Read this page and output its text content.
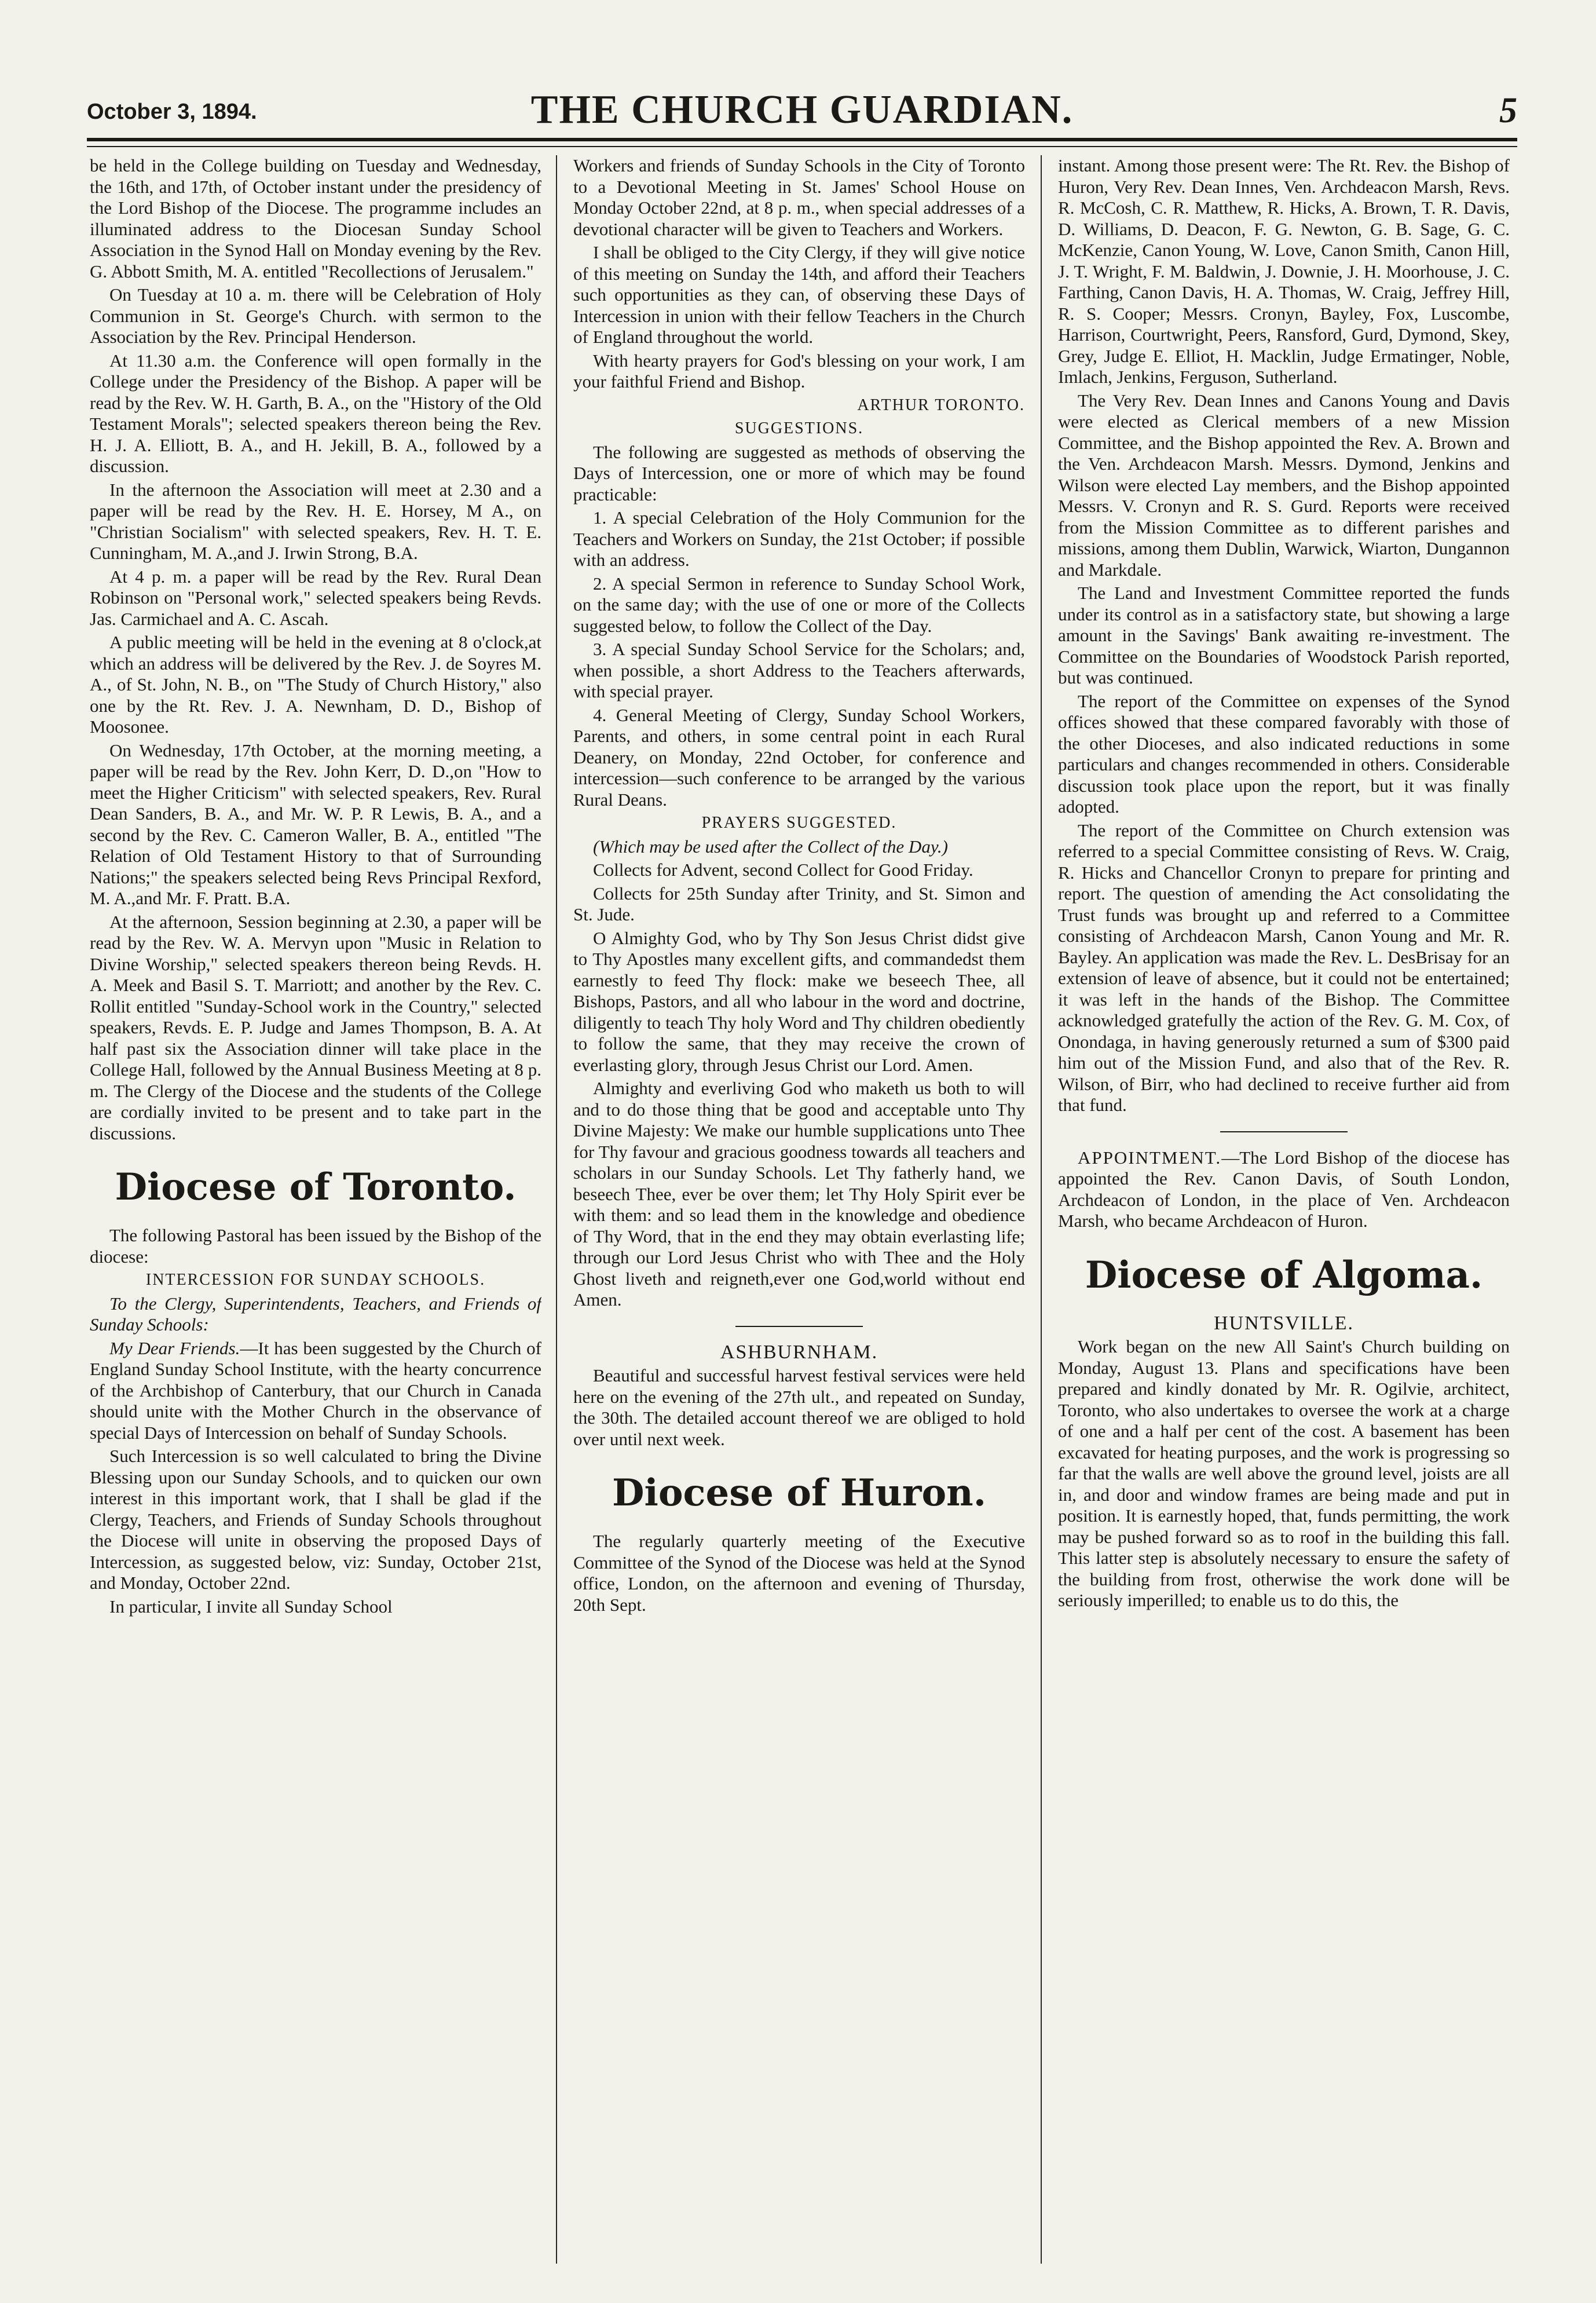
October 3, 1894.	THE CHURCH GUARDIAN.	5

be held in the College building on Tuesday and Wednesday, the 16th, and 17th, of October instant under the presidency of the Lord Bishop of the Diocese. The programme includes an illuminated address to the Diocesan Sunday School Association in the Synod Hall on Monday evening by the Rev. G. Abbott Smith, M. A. entitled "Recollections of Jerusalem."

On Tuesday at 10 a. m. there will be Celebration of Holy Communion in St. George's Church. with sermon to the Association by the Rev. Principal Henderson.

At 11.30 a.m. the Conference will open formally in the College under the Presidency of the Bishop. A paper will be read by the Rev. W. H. Garth, B. A., on the "History of the Old Testament Morals"; selected speakers thereon being the Rev. H. J. A. Elliott, B. A., and H. Jekill, B. A., followed by a discussion.

In the afternoon the Association will meet at 2.30 and a paper will be read by the Rev. H. E. Horsey, M A., on "Christian Socialism" with selected speakers, Rev. H. T. E. Cunningham, M. A.,and J. Irwin Strong, B.A.

At 4 p. m. a paper will be read by the Rev. Rural Dean Robinson on "Personal work," selected speakers being Revds. Jas. Carmichael and A. C. Ascah.

A public meeting will be held in the evening at 8 o'clock,at which an address will be delivered by the Rev. J. de Soyres M. A., of St. John, N. B., on "The Study of Church History," also one by the Rt. Rev. J. A. Newnham, D. D., Bishop of Moosonee.

On Wednesday, 17th October, at the morning meeting, a paper will be read by the Rev. John Kerr, D. D.,on "How to meet the Higher Criticism" with selected speakers, Rev. Rural Dean Sanders, B. A., and Mr. W. P. R Lewis, B. A., and a second by the Rev. C. Cameron Waller, B. A., entitled "The Relation of Old Testament History to that of Surrounding Nations;" the speakers selected being Revs Principal Rexford, M. A.,and Mr. F. Pratt. B.A.

At the afternoon, Session beginning at 2.30, a paper will be read by the Rev. W. A. Mervyn upon "Music in Relation to Divine Worship," selected speakers thereon being Revds. H. A. Meek and Basil S. T. Marriott; and another by the Rev. C. Rollit entitled "Sunday-School work in the Country," selected speakers, Revds. E. P. Judge and James Thompson, B. A. At half past six the Association dinner will take place in the College Hall, followed by the Annual Business Meeting at 8 p. m. The Clergy of the Diocese and the students of the College are cordially invited to be present and to take part in the discussions.

Diocese of Toronto.

The following Pastoral has been issued by the Bishop of the diocese:

INTERCESSION FOR SUNDAY SCHOOLS.

To the Clergy, Superintendents, Teachers, and Friends of Sunday Schools:

My Dear Friends.—It has been suggested by the Church of England Sunday School Institute, with the hearty concurrence of the Archbishop of Canterbury, that our Church in Canada should unite with the Mother Church in the observance of special Days of Intercession on behalf of Sunday Schools.

Such Intercession is so well calculated to bring the Divine Blessing upon our Sunday Schools, and to quicken our own interest in this important work, that I shall be glad if the Clergy, Teachers, and Friends of Sunday Schools throughout the Diocese will unite in observing the proposed Days of Intercession, as suggested below, viz: Sunday, October 21st, and Monday, October 22nd.

In particular, I invite all Sunday School

Workers and friends of Sunday Schools in the City of Toronto to a Devotional Meeting in St. James' School House on Monday October 22nd, at 8 p. m., when special addresses of a devotional character will be given to Teachers and Workers.

I shall be obliged to the City Clergy, if they will give notice of this meeting on Sunday the 14th, and afford their Teachers such opportunities as they can, of observing these Days of Intercession in union with their fellow Teachers in the Church of England throughout the world.

With hearty prayers for God's blessing on your work, I am your faithful Friend and Bishop.

ARTHUR TORONTO.

SUGGESTIONS.

The following are suggested as methods of observing the Days of Intercession, one or more of which may be found practicable:

1. A special Celebration of the Holy Communion for the Teachers and Workers on Sunday, the 21st October; if possible with an address.

2. A special Sermon in reference to Sunday School Work, on the same day; with the use of one or more of the Collects suggested below, to follow the Collect of the Day.

3. A special Sunday School Service for the Scholars; and, when possible, a short Address to the Teachers afterwards, with special prayer.

4. General Meeting of Clergy, Sunday School Workers, Parents, and others, in some central point in each Rural Deanery, on Monday, 22nd October, for conference and intercession—such conference to be arranged by the various Rural Deans.

PRAYERS SUGGESTED.

(Which may be used after the Collect of the Day.)

Collects for Advent, second Collect for Good Friday.

Collects for 25th Sunday after Trinity, and St. Simon and St. Jude.

O Almighty God, who by Thy Son Jesus Christ didst give to Thy Apostles many excellent gifts, and commandedst them earnestly to feed Thy flock: make we beseech Thee, all Bishops, Pastors, and all who labour in the word and doctrine, diligently to teach Thy holy Word and Thy children obediently to follow the same, that they may receive the crown of everlasting glory, through Jesus Christ our Lord. Amen.

Almighty and everliving God who maketh us both to will and to do those thing that be good and acceptable unto Thy Divine Majesty: We make our humble supplications unto Thee for Thy favour and gracious goodness towards all teachers and scholars in our Sunday Schools. Let Thy fatherly hand, we beseech Thee, ever be over them; let Thy Holy Spirit ever be with them: and so lead them in the knowledge and obedience of Thy Word, that in the end they may obtain everlasting life; through our Lord Jesus Christ who with Thee and the Holy Ghost liveth and reigneth,ever one God,world without end Amen.

ASHBURNHAM.

Beautiful and successful harvest festival services were held here on the evening of the 27th ult., and repeated on Sunday, the 30th. The detailed account thereof we are obliged to hold over until next week.

Diocese of Huron.

The regularly quarterly meeting of the Executive Committee of the Synod of the Diocese was held at the Synod office, London, on the afternoon and evening of Thursday, 20th Sept.

instant. Among those present were: The Rt. Rev. the Bishop of Huron, Very Rev. Dean Innes, Ven. Archdeacon Marsh, Revs. R. McCosh, C. R. Matthew, R. Hicks, A. Brown, T. R. Davis, D. Williams, D. Deacon, F. G. Newton, G. B. Sage, G. C. McKenzie, Canon Young, W. Love, Canon Smith, Canon Hill, J. T. Wright, F. M. Baldwin, J. Downie, J. H. Moorhouse, J. C. Farthing, Canon Davis, H. A. Thomas, W. Craig, Jeffrey Hill, R. S. Cooper; Messrs. Cronyn, Bayley, Fox, Luscombe, Harrison, Courtwright, Peers, Ransford, Gurd, Dymond, Skey, Grey, Judge E. Elliot, H. Macklin, Judge Ermatinger, Noble, Imlach, Jenkins, Ferguson, Sutherland.

The Very Rev. Dean Innes and Canons Young and Davis were elected as Clerical members of a new Mission Committee, and the Bishop appointed the Rev. A. Brown and the Ven. Archdeacon Marsh. Messrs. Dymond, Jenkins and Wilson were elected Lay members, and the Bishop appointed Messrs. V. Cronyn and R. S. Gurd. Reports were received from the Mission Committee as to different parishes and missions, among them Dublin, Warwick, Wiarton, Dungannon and Markdale.

The Land and Investment Committee reported the funds under its control as in a satisfactory state, but showing a large amount in the Savings' Bank awaiting re-investment. The Committee on the Boundaries of Woodstock Parish reported, but was continued.

The report of the Committee on expenses of the Synod offices showed that these compared favorably with those of the other Dioceses, and also indicated reductions in some particulars and changes recommended in others. Considerable discussion took place upon the report, but it was finally adopted.

The report of the Committee on Church extension was referred to a special Committee consisting of Revs. W. Craig, R. Hicks and Chancellor Cronyn to prepare for printing and report. The question of amending the Act consolidating the Trust funds was brought up and referred to a Committee consisting of Archdeacon Marsh, Canon Young and Mr. R. Bayley. An application was made the Rev. L. DesBrisay for an extension of leave of absence, but it could not be entertained; it was left in the hands of the Bishop. The Committee acknowledged gratefully the action of the Rev. G. M. Cox, of Onondaga, in having generously returned a sum of $300 paid him out of the Mission Fund, and also that of the Rev. R. Wilson, of Birr, who had declined to receive further aid from that fund.

APPOINTMENT.—The Lord Bishop of the diocese has appointed the Rev. Canon Davis, of South London, Archdeacon of London, in the place of Ven. Archdeacon Marsh, who became Archdeacon of Huron.

Diocese of Algoma.

HUNTSVILLE.

Work began on the new All Saint's Church building on Monday, August 13. Plans and specifications have been prepared and kindly donated by Mr. R. Ogilvie, architect, Toronto, who also undertakes to oversee the work at a charge of one and a half per cent of the cost. A basement has been excavated for heating purposes, and the work is progressing so far that the walls are well above the ground level, joists are all in, and door and window frames are being made and put in position. It is earnestly hoped, that, funds permitting, the work may be pushed forward so as to roof in the building this fall. This latter step is absolutely necessary to ensure the safety of the building from frost, otherwise the work done will be seriously imperilled; to enable us to do this, the
